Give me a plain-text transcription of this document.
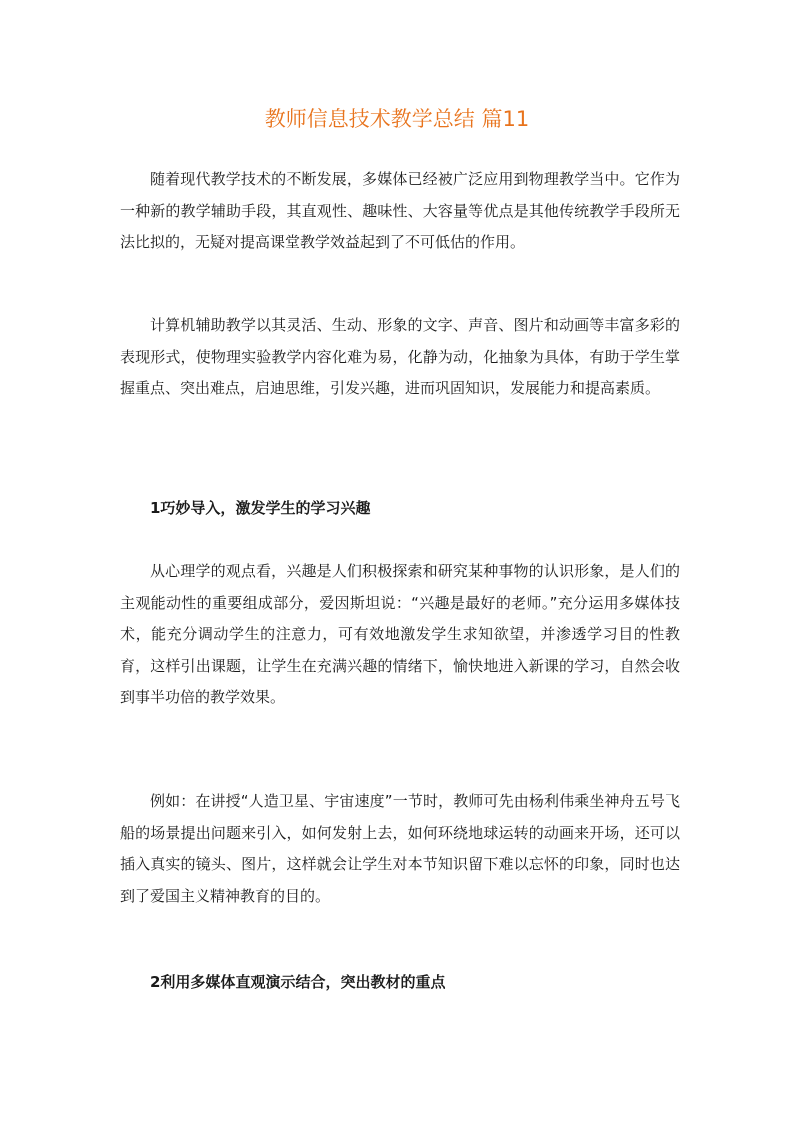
教师信息技术教学总结 篇11

随着现代教学技术的不断发展，多媒体已经被广泛应用到物理教学当中。它作为一种新的教学辅助手段，其直观性、趣味性、大容量等优点是其他传统教学手段所无法比拟的，无疑对提高课堂教学效益起到了不可低估的作用。

计算机辅助教学以其灵活、生动、形象的文字、声音、图片和动画等丰富多彩的表现形式，使物理实验教学内容化难为易，化静为动，化抽象为具体，有助于学生掌握重点、突出难点，启迪思维，引发兴趣，进而巩固知识，发展能力和提高素质。

1巧妙导入，激发学生的学习兴趣

从心理学的观点看，兴趣是人们积极探索和研究某种事物的认识形象，是人们的主观能动性的重要组成部分，爱因斯坦说：“兴趣是最好的老师。”充分运用多媒体技术，能充分调动学生的注意力，可有效地激发学生求知欲望，并渗透学习目的性教育，这样引出课题，让学生在充满兴趣的情绪下，愉快地进入新课的学习，自然会收到事半功倍的教学效果。

例如：在讲授“人造卫星、宇宙速度”一节时，教师可先由杨利伟乘坐神舟五号飞船的场景提出问题来引入，如何发射上去，如何环绕地球运转的动画来开场，还可以插入真实的镜头、图片，这样就会让学生对本节知识留下难以忘怀的印象，同时也达到了爱国主义精神教育的目的。

2利用多媒体直观演示结合，突出教材的重点
